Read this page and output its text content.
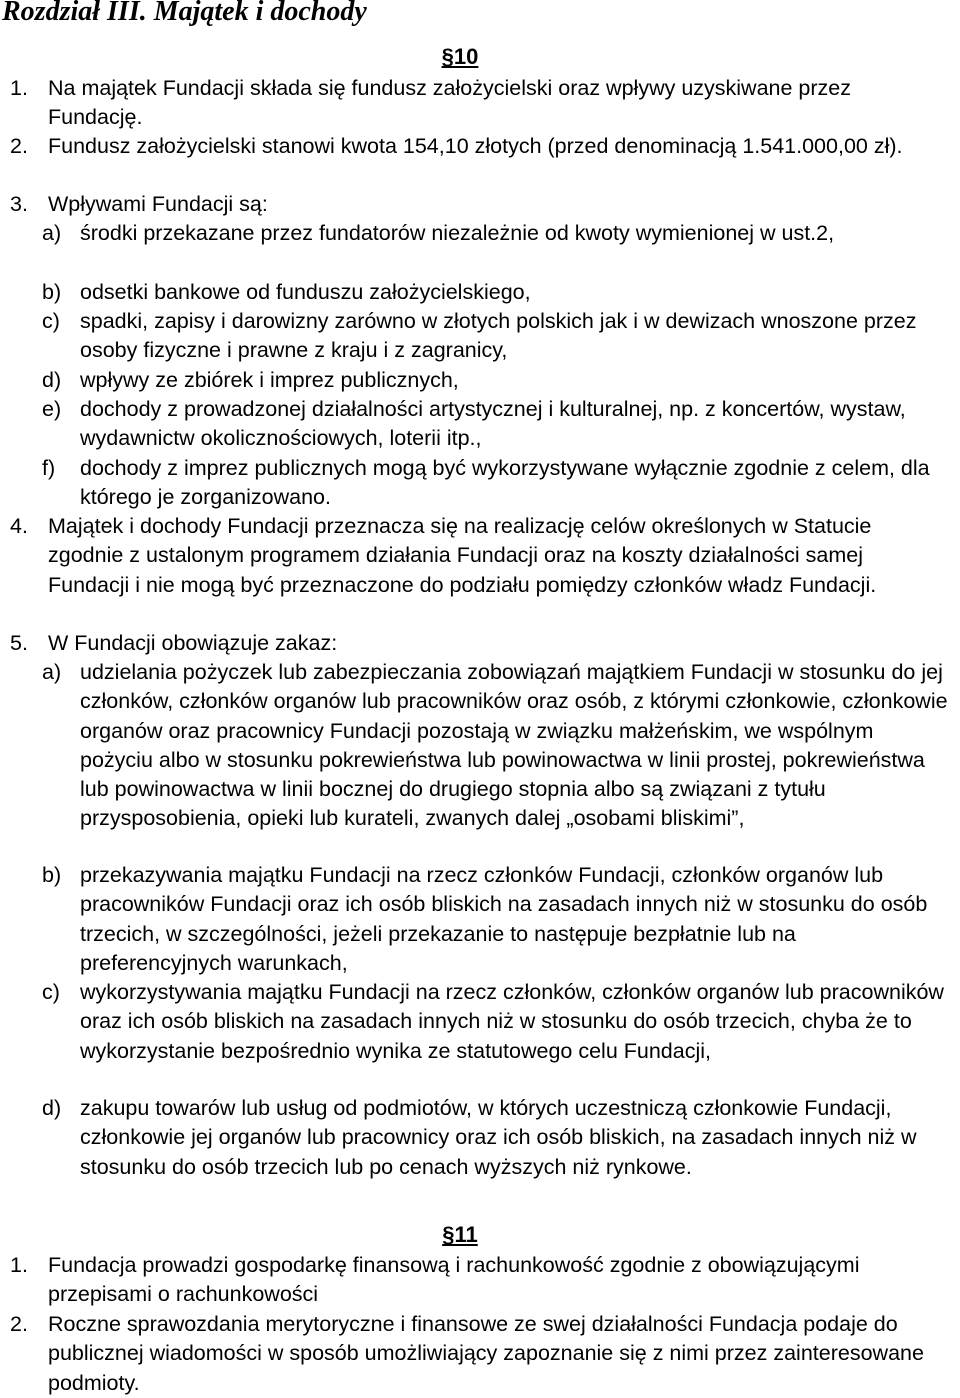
Rozdział III. Majątek i dochody
§10
1. Na majątek Fundacji składa się fundusz założycielski oraz wpływy uzyskiwane przez Fundację.
2. Fundusz założycielski stanowi kwota 154,10 złotych (przed denominacją 1.541.000,00 zł).
3. Wpływami Fundacji są:
a) środki przekazane przez fundatorów niezależnie od kwoty wymienionej w ust.2,
b) odsetki bankowe od funduszu założycielskiego,
c) spadki, zapisy i darowizny zarówno w złotych polskich jak i w dewizach wnoszone przez osoby fizyczne i prawne z kraju i z zagranicy,
d) wpływy ze zbiórek i imprez publicznych,
e) dochody z prowadzonej działalności artystycznej i kulturalnej, np. z koncertów, wystaw, wydawnictw okolicznościowych, loterii itp.,
f) dochody z imprez publicznych mogą być wykorzystywane wyłącznie zgodnie z celem, dla którego je zorganizowano.
4. Majątek i dochody Fundacji przeznacza się na realizację celów określonych w Statucie zgodnie z ustalonym programem działania Fundacji oraz na koszty działalności samej Fundacji i nie mogą być przeznaczone do podziału pomiędzy członków władz Fundacji.
5. W Fundacji obowiązuje zakaz:
a) udzielania pożyczek lub zabezpieczania zobowiązań majątkiem Fundacji w stosunku do jej członków, członków organów lub pracowników oraz osób, z którymi członkowie, członkowie organów oraz pracownicy Fundacji pozostają w związku małżeńskim, we wspólnym pożyciu albo w stosunku pokrewieństwa lub powinowactwa w linii prostej, pokrewieństwa lub powinowactwa w linii bocznej do drugiego stopnia albo są związani z tytułu przysposobienia, opieki lub kurateli, zwanych dalej „osobami bliskimi”,
b) przekazywania majątku Fundacji na rzecz członków Fundacji, członków organów lub pracowników Fundacji oraz ich osób bliskich na zasadach innych niż w stosunku do osób trzecich, w szczególności, jeżeli przekazanie to następuje bezpłatnie lub na preferencyjnych warunkach,
c) wykorzystywania majątku Fundacji na rzecz członków, członków organów lub pracowników oraz ich osób bliskich na zasadach innych niż w stosunku do osób trzecich, chyba że to wykorzystanie bezpośrednio wynika ze statutowego celu Fundacji,
d) zakupu towarów lub usług od podmiotów, w których uczestniczą członkowie Fundacji, członkowie jej organów lub pracownicy oraz ich osób bliskich, na zasadach innych niż w stosunku do osób trzecich lub po cenach wyższych niż rynkowe.
§11
1. Fundacja prowadzi gospodarkę finansową i rachunkowość zgodnie z obowiązującymi przepisami o rachunkowości
2. Roczne sprawozdania merytoryczne i finansowe ze swej działalności Fundacja podaje do publicznej wiadomości w sposób umożliwiający zapoznanie się z nimi przez zainteresowane podmioty.
